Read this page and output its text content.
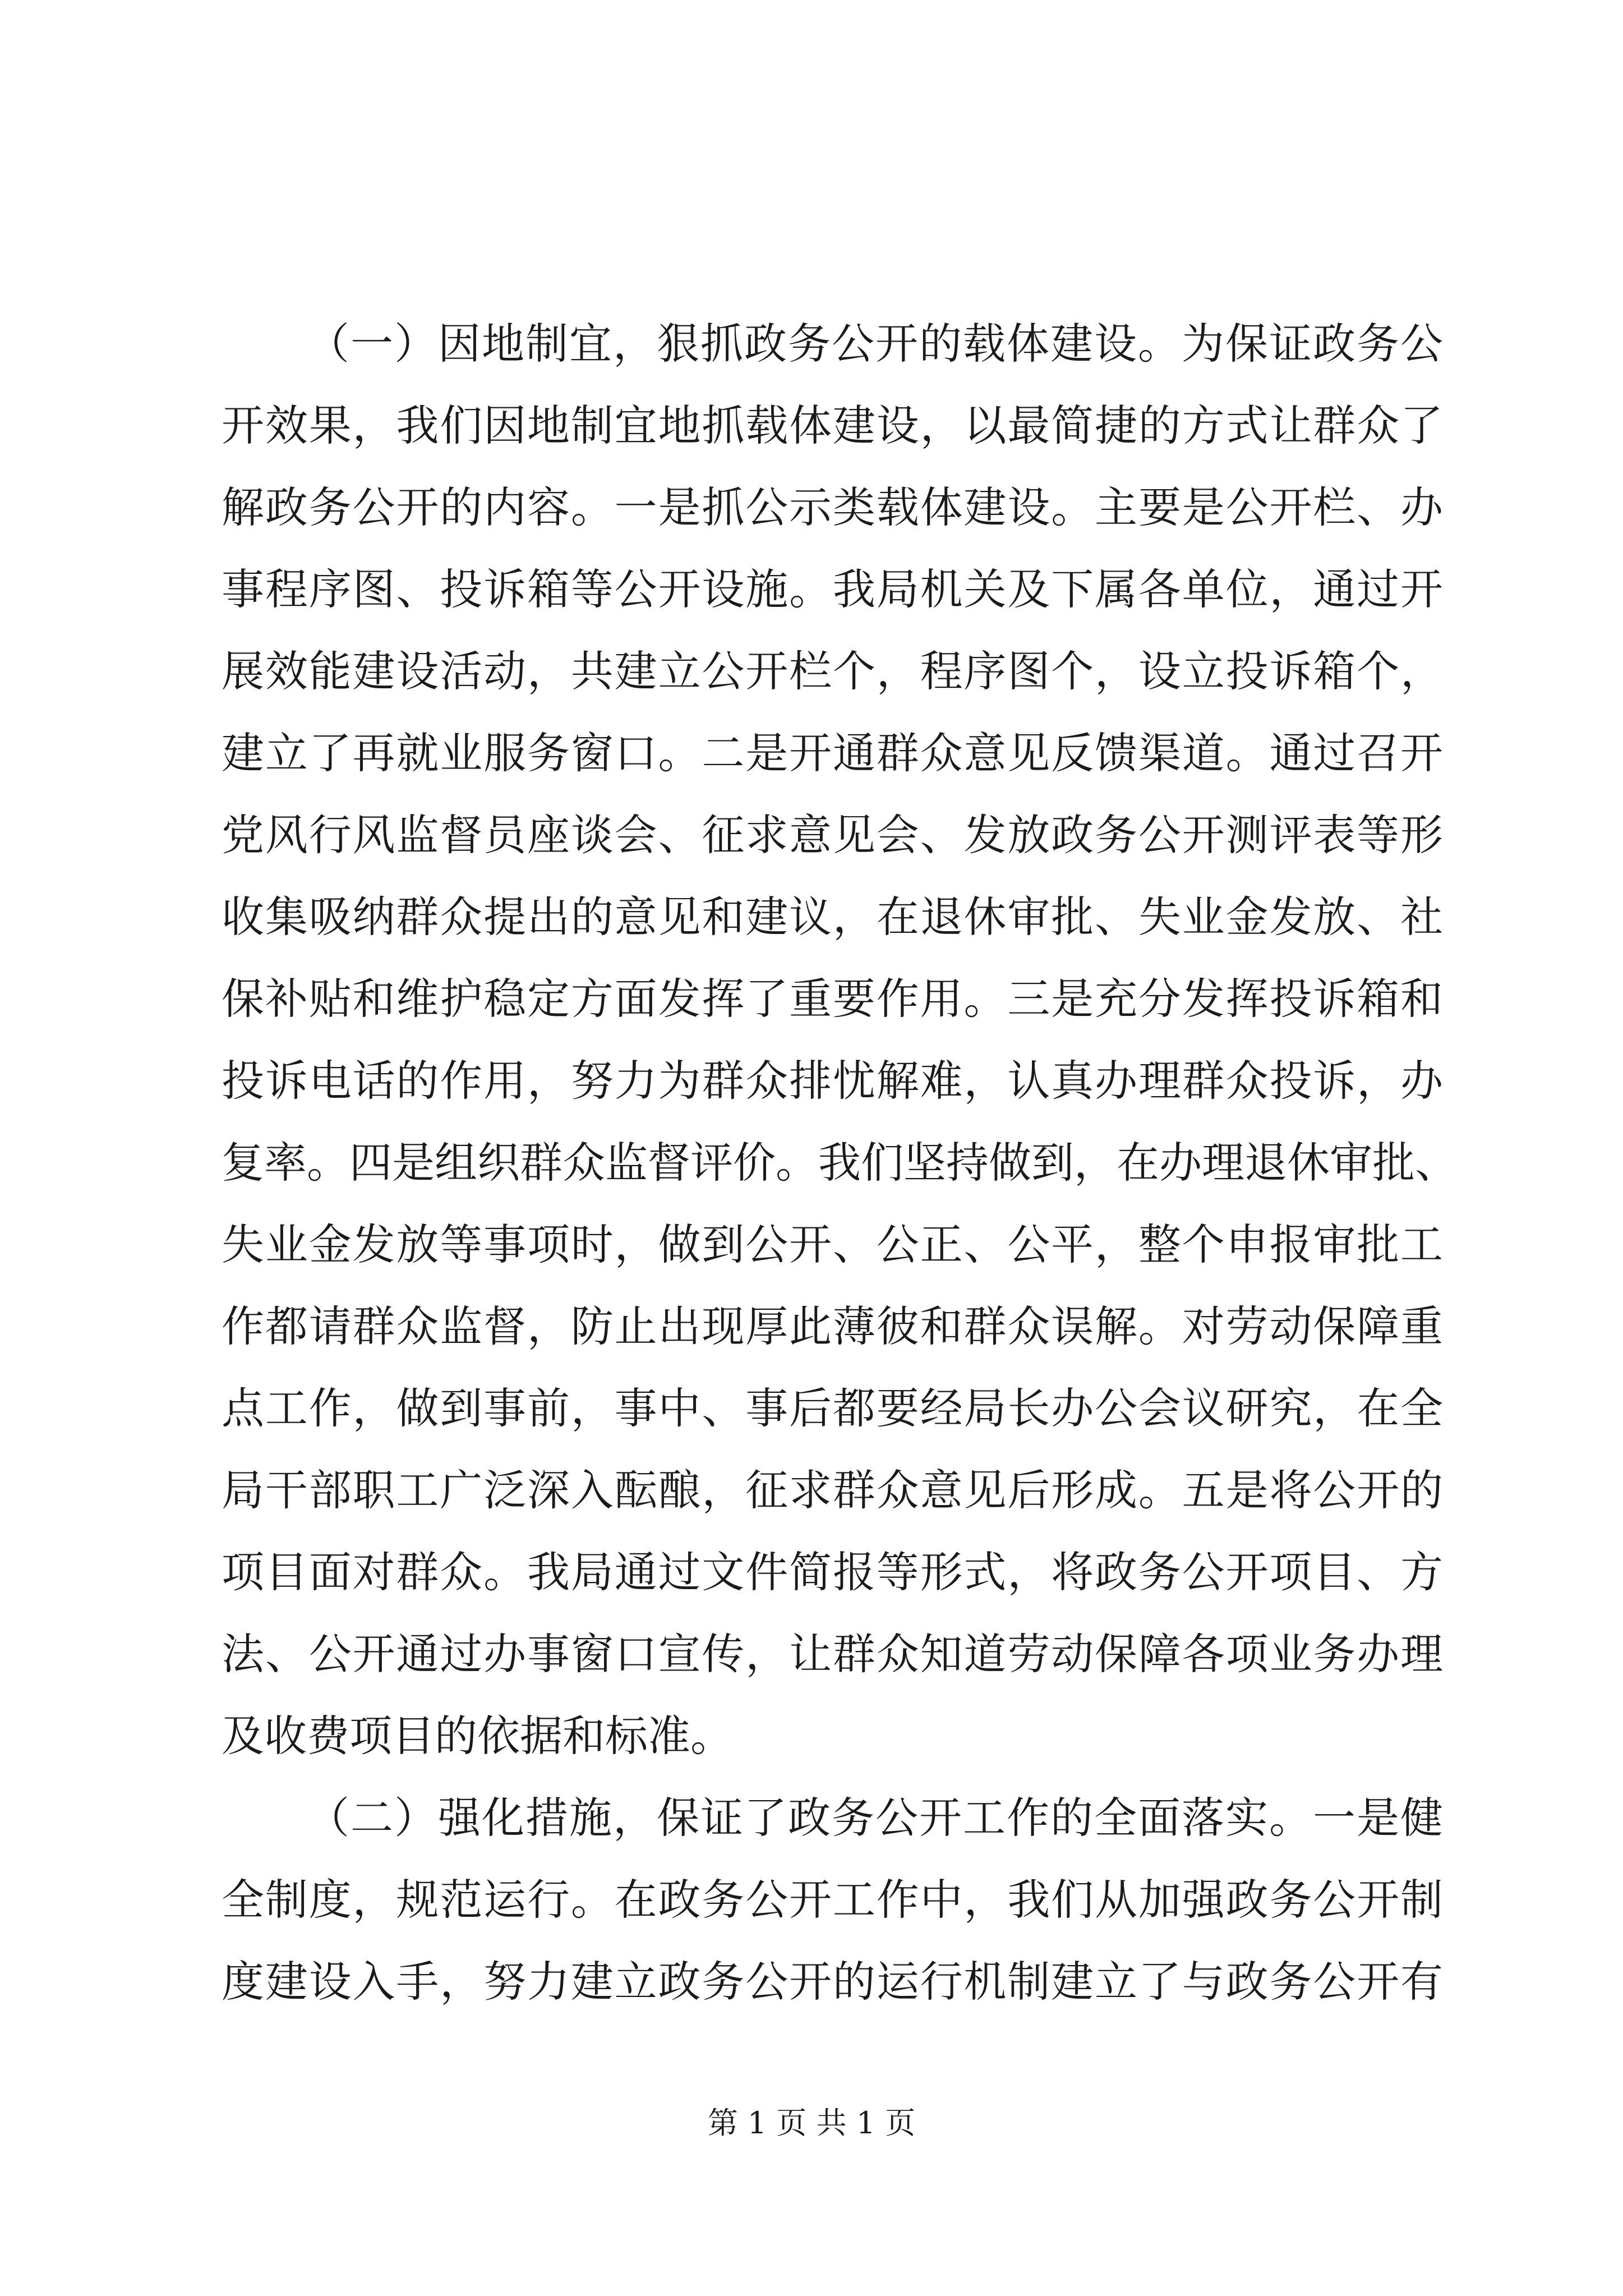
（一）因地制宜，狠抓政务公开的载体建设。为保证政务公
开效果，我们因地制宜地抓载体建设，以最简捷的方式让群众了
解政务公开的内容。一是抓公示类载体建设。主要是公开栏、办
事程序图、投诉箱等公开设施。我局机关及下属各单位，通过开
展效能建设活动，共建立公开栏个，程序图个，设立投诉箱个，
建立了再就业服务窗口。二是开通群众意见反馈渠道。通过召开
党风行风监督员座谈会、征求意见会、发放政务公开测评表等形
收集吸纳群众提出的意见和建议，在退休审批、失业金发放、社
保补贴和维护稳定方面发挥了重要作用。三是充分发挥投诉箱和
投诉电话的作用，努力为群众排忧解难，认真办理群众投诉，办
复率。四是组织群众监督评价。我们坚持做到，在办理退休审批、
失业金发放等事项时，做到公开、公正、公平，整个申报审批工
作都请群众监督，防止出现厚此薄彼和群众误解。对劳动保障重
点工作，做到事前，事中、事后都要经局长办公会议研究，在全
局干部职工广泛深入酝酿，征求群众意见后形成。五是将公开的
项目面对群众。我局通过文件简报等形式，将政务公开项目、方
法、公开通过办事窗口宣传，让群众知道劳动保障各项业务办理
及收费项目的依据和标准。
（二）强化措施，保证了政务公开工作的全面落实。一是健
全制度，规范运行。在政务公开工作中，我们从加强政务公开制
度建设入手，努力建立政务公开的运行机制建立了与政务公开有
第 1 页 共 1 页
